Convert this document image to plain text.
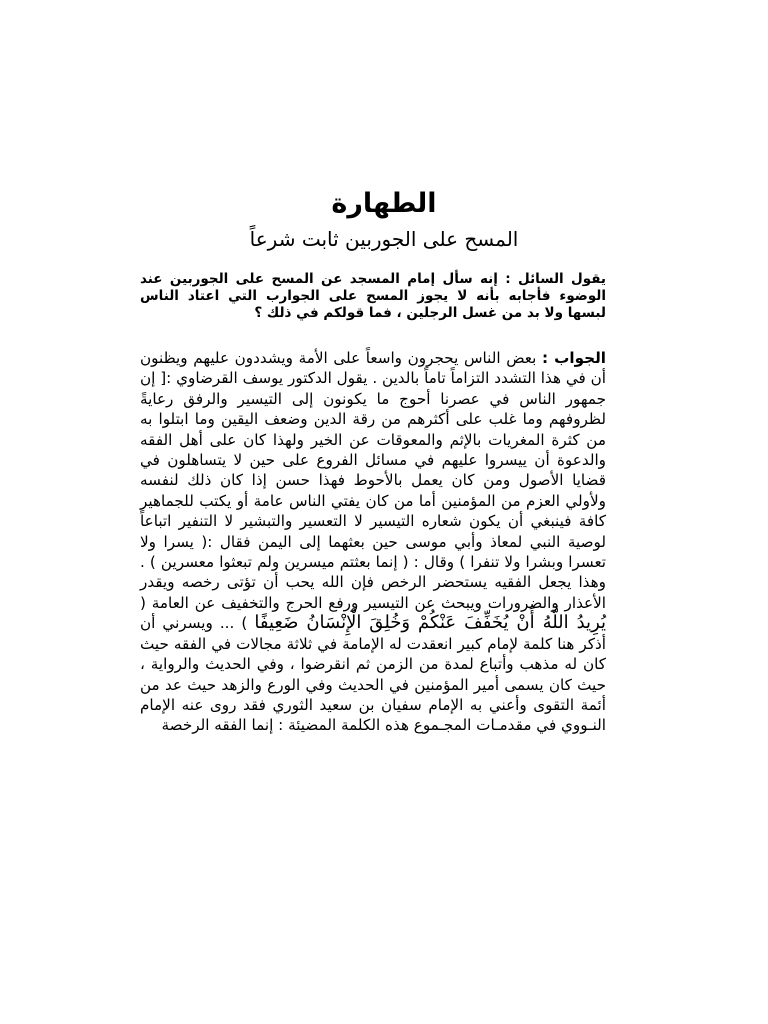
الطهارة
المسح على الجوربين ثابت شرعاً
يقول السائل : إنه سأل إمام المسجد عن المسح على الجوربين عند الوضوء فأجابه بأنه لا يجوز المسح على الجوارب التي اعتاد الناس لبسها ولا بد من غسل الرجلين ، فما قولكم في ذلك ؟
الجواب : بعض الناس يحجرون واسعاً على الأمة ويشددون عليهم ويظنون أن في هذا التشدد التزاماً تاماً بالدين . يقول الدكتور يوسف القرضاوي :[ إن جمهور الناس في عصرنا أحوج ما يكونون إلى التيسير والرفق رعايةً لظروفهم وما غلب على أكثرهم من رقة الدين وضعف اليقين وما ابتلوا به من كثرة المغريات بالإثم والمعوقات عن الخير ولهذا كان على أهل الفقه والدعوة أن ييسروا عليهم في مسائل الفروع على حين لا يتساهلون في قضايا الأصول ومن كان يعمل بالأحوط فهذا حسن إذا كان ذلك لنفسه ولأولي العزم من المؤمنين أما من كان يفتي الناس عامة أو يكتب للجماهير كافة فينبغي أن يكون شعاره التيسير لا التعسير والتبشير لا التنفير اتباعاً لوصية النبي لمعاذ وأبي موسى حين بعثهما إلى اليمن فقال :( يسرا ولا تعسرا وبشرا ولا تنفرا ) وقال : ( إنما بعثتم ميسرين ولم تبعثوا معسرين ) . وهذا يجعل الفقيه يستحضر الرخص فإن الله يحب أن تؤتى رخصه ويقدر الأعذار والضرورات ويبحث عن التيسير ورفع الحرج والتخفيف عن العامة ( يُرِيدُ اللَّهُ أَنْ يُخَفِّفَ عَنْكُمْ وَخُلِقَ الْإِنْسَانُ ضَعِيفًا ) ... ويسرني أن أذكر هنا كلمة لإمام كبير انعقدت له الإمامة في ثلاثة مجالات في الفقه حيث كان له مذهب وأتباع لمدة من الزمن ثم انقرضوا ، وفي الحديث والرواية ، حيث كان يسمى أمير المؤمنين في الحديث وفي الورع والزهد حيث عد من أئمة التقوى وأعني به الإمام سفيان بن سعيد الثوري فقد روى عنه الإمام النـووي في مقدمـات المجـموع هذه الكلمة المضيئة : إنما الفقه الرخصة
